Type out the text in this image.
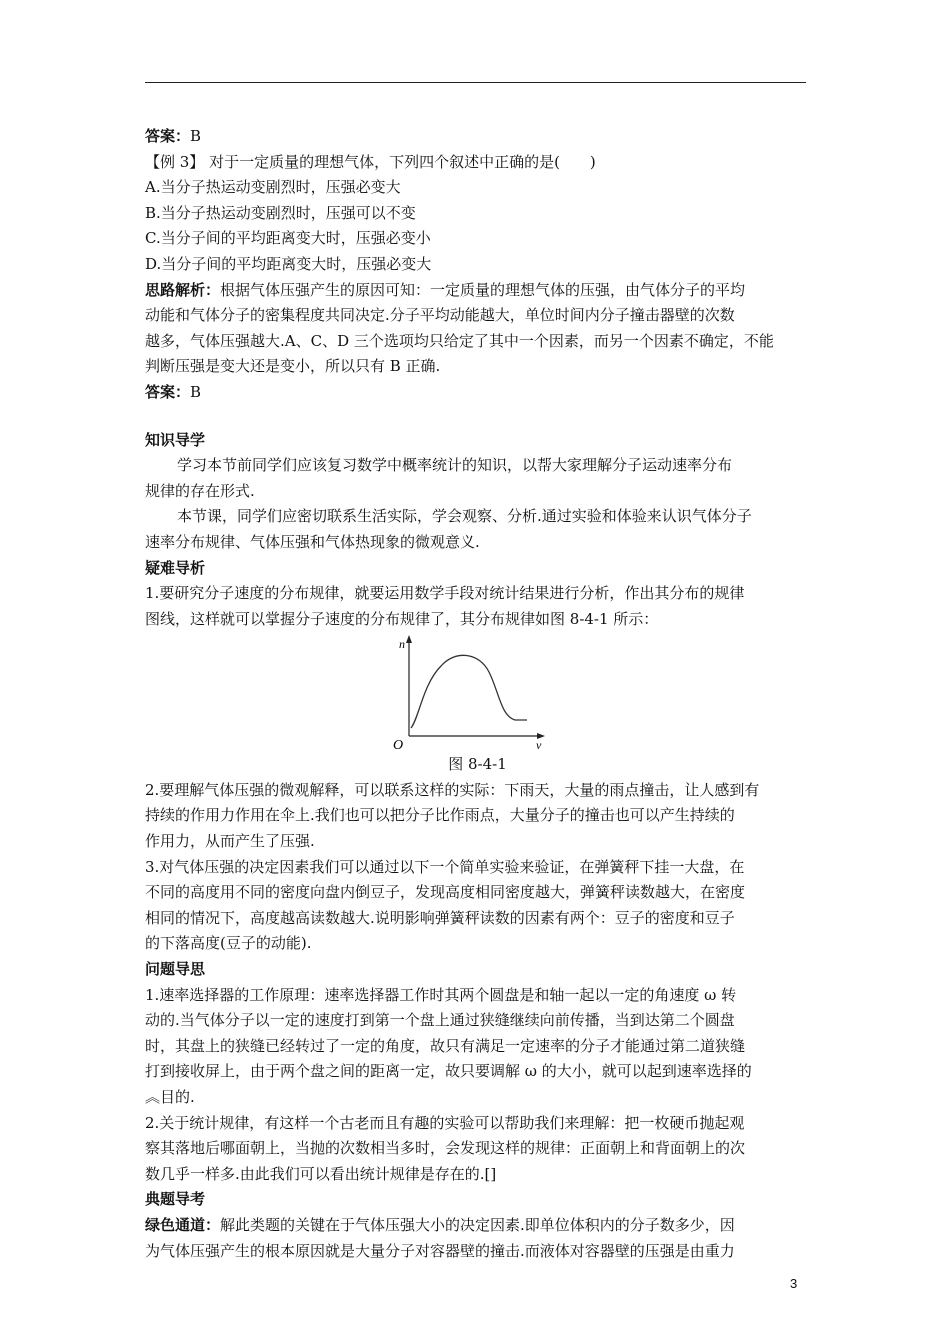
答案：B
【例 3】 对于一定质量的理想气体，下列四个叙述中正确的是(　　)
A.当分子热运动变剧烈时，压强必变大
B.当分子热运动变剧烈时，压强可以不变
C.当分子间的平均距离变大时，压强必变小
D.当分子间的平均距离变大时，压强必变大
思路解析：根据气体压强产生的原因可知：一定质量的理想气体的压强，由气体分子的平均
动能和气体分子的密集程度共同决定.分子平均动能越大，单位时间内分子撞击器壁的次数
越多，气体压强越大.A、C、D 三个选项均只给定了其中一个因素，而另一个因素不确定，不能
判断压强是变大还是变小，所以只有 B 正确.
答案：B
知识导学
学习本节前同学们应该复习数学中概率统计的知识，以帮大家理解分子运动速率分布
规律的存在形式.
本节课，同学们应密切联系生活实际，学会观察、分析.通过实验和体验来认识气体分子
速率分布规律、气体压强和气体热现象的微观意义.
疑难导析
1.要研究分子速度的分布规律，就要运用数学手段对统计结果进行分析，作出其分布的规律
图线，这样就可以掌握分子速度的分布规律了，其分布规律如图 8-4-1 所示：
n
O	v
图 8-4-1
2.要理解气体压强的微观解释，可以联系这样的实际：下雨天，大量的雨点撞击，让人感到有
持续的作用力作用在伞上.我们也可以把分子比作雨点，大量分子的撞击也可以产生持续的
作用力，从而产生了压强.
3.对气体压强的决定因素我们可以通过以下一个简单实验来验证，在弹簧秤下挂一大盘，在
不同的高度用不同的密度向盘内倒豆子，发现高度相同密度越大，弹簧秤读数越大，在密度
相同的情况下，高度越高读数越大.说明影响弹簧秤读数的因素有两个：豆子的密度和豆子
的下落高度(豆子的动能).
问题导思
1.速率选择器的工作原理：速率选择器工作时其两个圆盘是和轴一起以一定的角速度 ω 转
动的.当气体分子以一定的速度打到第一个盘上通过狭缝继续向前传播，当到达第二个圆盘
时，其盘上的狭缝已经转过了一定的角度，故只有满足一定速率的分子才能通过第二道狭缝
打到接收屏上，由于两个盘之间的距离一定，故只要调解 ω 的大小，就可以起到速率选择的
︽目的.
2.关于统计规律，有这样一个古老而且有趣的实验可以帮助我们来理解：把一枚硬币抛起观
察其落地后哪面朝上，当抛的次数相当多时，会发现这样的规律：正面朝上和背面朝上的次
数几乎一样多.由此我们可以看出统计规律是存在的.[]
典题导考
绿色通道：解此类题的关键在于气体压强大小的决定因素.即单位体积内的分子数多少，因
为气体压强产生的根本原因就是大量分子对容器壁的撞击.而液体对容器壁的压强是由重力
3
